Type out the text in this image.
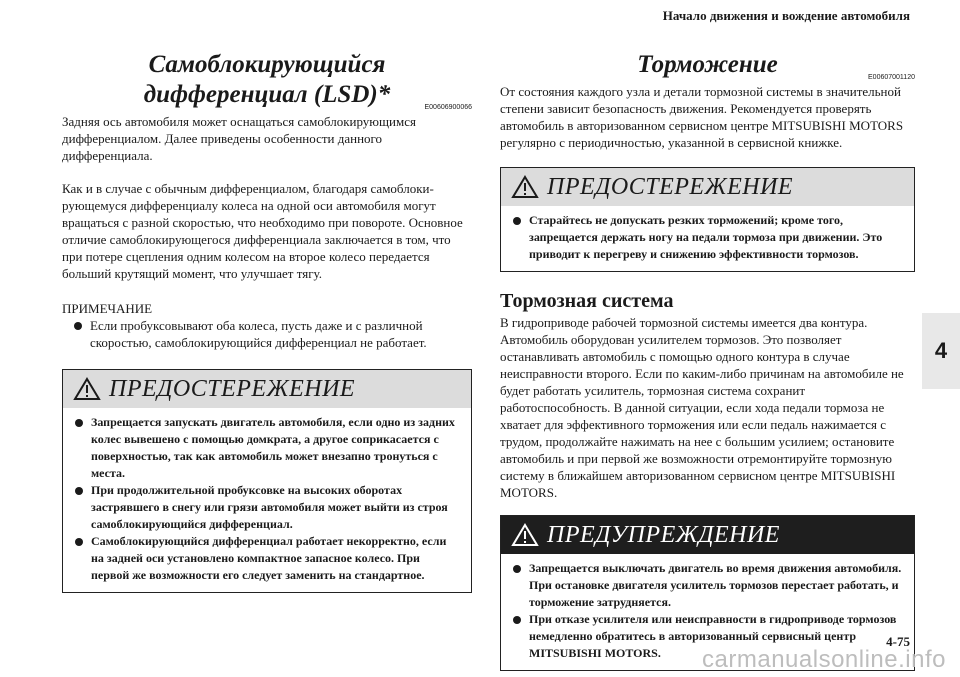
Начало движения и вождение автомобиля
Самоблокирующийся дифференциал (LSD)*	E00606900066

Задняя ось автомобиля может оснащаться самоблокирующимся дифференциалом. Далее приведены особенности данного дифференциала.

Как и в случае с обычным дифференциалом, благодаря самоблоки-рующемуся дифференциалу колеса на одной оси автомобиля могут вращаться с разной скоростью, что необходимо при повороте. Основное отличие самоблокирующегося дифференциала заключается в том, что при потере сцепления одним колесом на второе колесо передается больший крутящий момент, что улучшает тягу.

ПРИМЕЧАНИЕ

Если пробуксовывают оба колеса, пусть даже и с различной скоростью, самоблокирующийся дифференциал не работает.
ПРЕДОСТЕРЕЖЕНИЕ
Запрещается запускать двигатель автомобиля, если одно из задних колес вывешено с помощью домкрата, а другое соприкасается с поверхностью, так как автомобиль может внезапно тронуться с места.
При продолжительной пробуксовке на высоких оборотах застрявшего в снегу или грязи автомобиля может выйти из строя самоблокирующийся дифференциал.
Самоблокирующийся дифференциал работает некорректно, если на задней оси установлено компактное запасное колесо. При первой же возможности его следует заменить на стандартное.
Торможение	E00607001120

От состояния каждого узла и детали тормозной системы в значительной степени зависит безопасность движения. Рекомендуется проверять автомобиль в авторизованном сервисном центре MITSUBISHI MOTORS регулярно с периодичностью, указанной в сервисной книжке.

ПРЕДОСТЕРЕЖЕНИЕ
Старайтесь не допускать резких торможений; кроме того, запрещается держать ногу на педали тормоза при движении. Это приводит к перегреву и снижению эффективности тормозов.
Тормозная система

В гидроприводе рабочей тормозной системы имеется два контура. Автомобиль оборудован усилителем тормозов. Это позволяет останавливать автомобиль с помощью одного контура в случае неисправности второго. Если по каким-либо причинам на автомобиле не будет работать усилитель, тормозная система сохранит работоспособность. В данной ситуации, если хода педали тормоза не хватает для эффективного торможения или если педаль нажимается с трудом, продолжайте нажимать на нее с большим усилием; остановите автомобиль и при первой же возможности отремонтируйте тормозную систему в ближайшем авторизованном сервисном центре MITSUBISHI MOTORS.

ПРЕДУПРЕЖДЕНИЕ
Запрещается выключать двигатель во время движения автомобиля. При остановке двигателя усилитель тормозов перестает работать, и торможение затрудняется.
При отказе усилителя или неисправности в гидроприводе тормозов немедленно обратитесь в авторизованный сервисный центр MITSUBISHI MOTORS.
4
4-75
carmanualsonline.info
